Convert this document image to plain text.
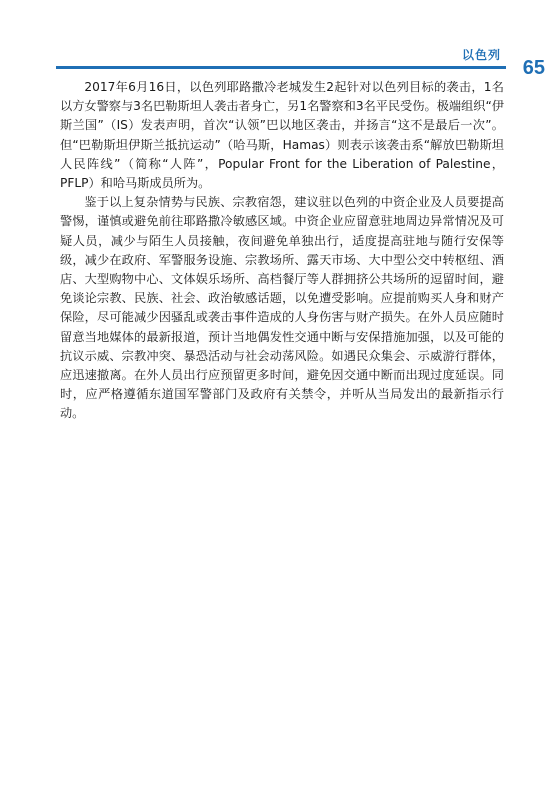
以色列
65

2017年6月16日，以色列耶路撒冷老城发生2起针对以色列目标的袭击，1名以方女警察与3名巴勒斯坦人袭击者身亡，另1名警察和3名平民受伤。极端组织“伊斯兰国”（IS）发表声明，首次“认领”巴以地区袭击，并扬言“这不是最后一次”。但“巴勒斯坦伊斯兰抵抗运动”（哈马斯，Hamas）则表示该袭击系“解放巴勒斯坦人民阵线”（简称“人阵”，Popular Front for the Liberation of Palestine，PFLP）和哈马斯成员所为。

鉴于以上复杂情势与民族、宗教宿怨，建议驻以色列的中资企业及人员要提高警惕，谨慎或避免前往耶路撒冷敏感区域。中资企业应留意驻地周边异常情况及可疑人员，减少与陌生人员接触，夜间避免单独出行，适度提高驻地与随行安保等级，减少在政府、军警服务设施、宗教场所、露天市场、大中型公交中转枢纽、酒店、大型购物中心、文体娱乐场所、高档餐厅等人群拥挤公共场所的逗留时间，避免谈论宗教、民族、社会、政治敏感话题，以免遭受影响。应提前购买人身和财产保险，尽可能减少因骚乱或袭击事件造成的人身伤害与财产损失。在外人员应随时留意当地媒体的最新报道，预计当地偶发性交通中断与安保措施加强，以及可能的抗议示威、宗教冲突、暴恐活动与社会动荡风险。如遇民众集会、示威游行群体，应迅速撤离。在外人员出行应预留更多时间，避免因交通中断而出现过度延误。同时，应严格遵循东道国军警部门及政府有关禁令，并听从当局发出的最新指示行动。
